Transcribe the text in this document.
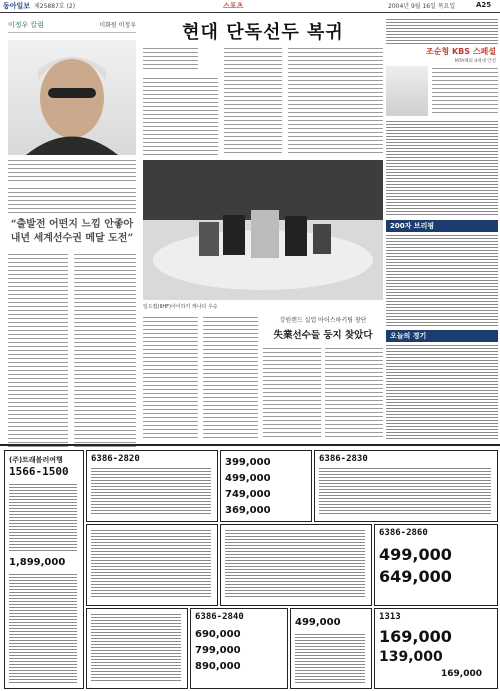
동아일보 제25887호 (2)	스포츠	2004년 9월 16일 목요일	A25
이정우 칼럼	미화원 이정우
“출발전 어떤지 느낌 안좋아
내년 세계선수권 메달 도전”
현대 단독선두 복귀
일드컵(IIHF)아이하키 캐나다 우승
강원랜드 실업 아이스하키팀 창단
失業선수들 둥지 찾았다
조순형 KBS 스페셜
MTA해외 4세대 안전
200자 브리핑
오늘의 경기
(주)트래블러여행
1566-1500
1,899,000
6386-2820	399,000
499,000
749,000
369,000
6386-2830
6386-2860
499,000
649,000
6386-2840
690,000
799,000
890,000
499,000	1313
169,000
139,000
169,000
